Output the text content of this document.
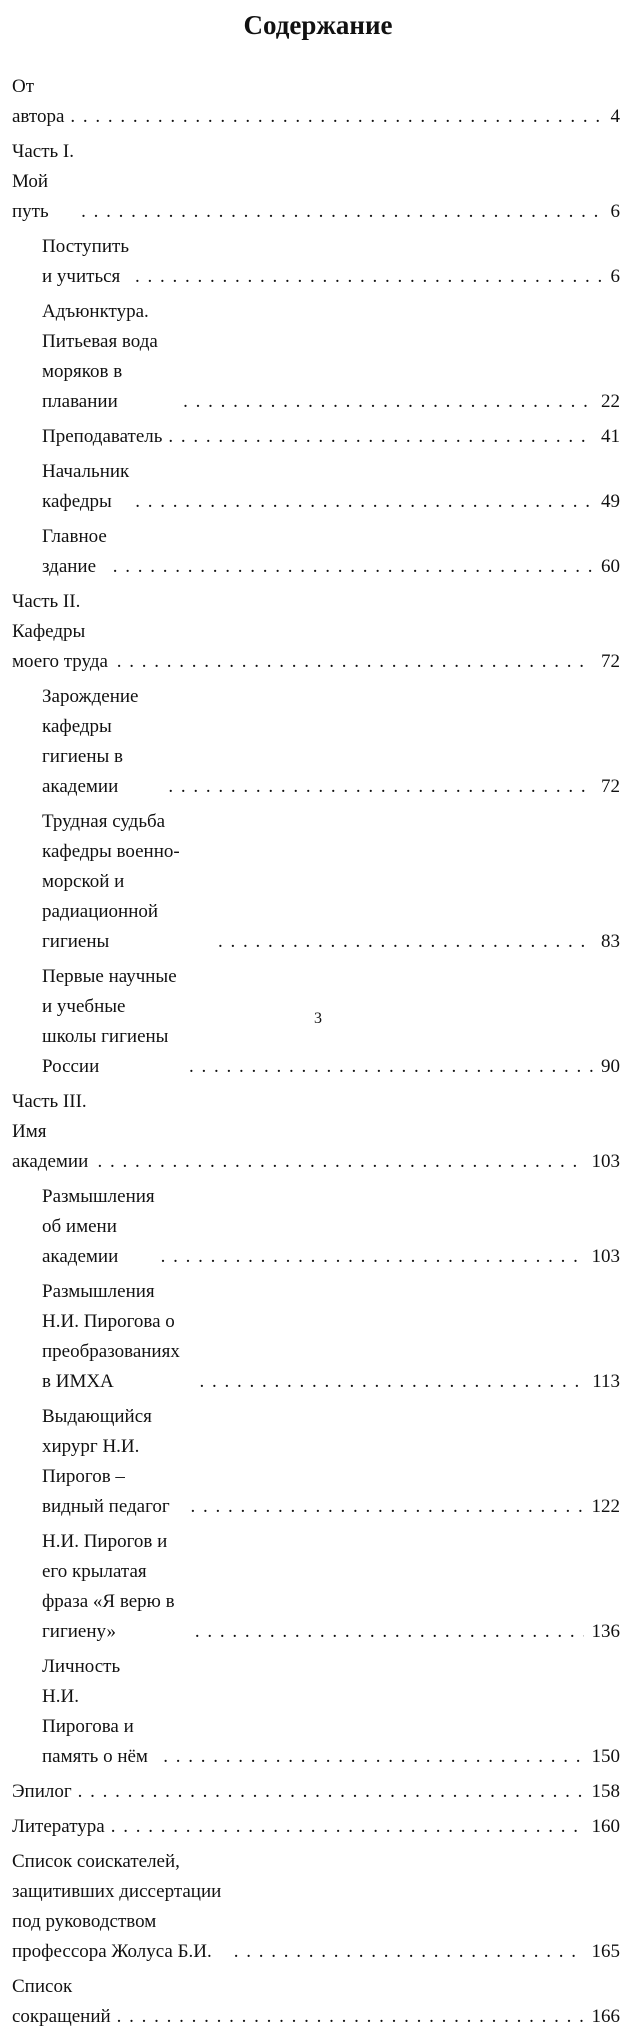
Содержание
От автора . . .	4
Часть I. Мой путь . . .	6
Поступить и учиться . . .	6
Адъюнктура. Питьевая вода моряков в плавании . . .	22
Преподаватель . . .	41
Начальник кафедры . . .	49
Главное здание . . .	60
Часть II. Кафедры моего труда . . .	72
Зарождение кафедры гигиены в академии . . .	72
Трудная судьба кафедры военно-морской и радиационной гигиены . . .	83
Первые научные и учебные школы гигиены России . . .	90
Часть III. Имя академии . . .	103
Размышления об имени академии . . .	103
Размышления Н.И. Пирогова о преобразованиях в ИМХА . . .	113
Выдающийся хирург Н.И. Пирогов – видный педагог . . .	122
Н.И. Пирогов и его крылатая фраза «Я верю в гигиену» . . .	136
Личность Н.И. Пирогова и память о нём . . .	150
Эпилог . . .	158
Литература . . .	160
Список соискателей, защитивших диссертации под руководством профессора Жолуса Б.И. . . .	165
Список сокращений . . .	166
3
